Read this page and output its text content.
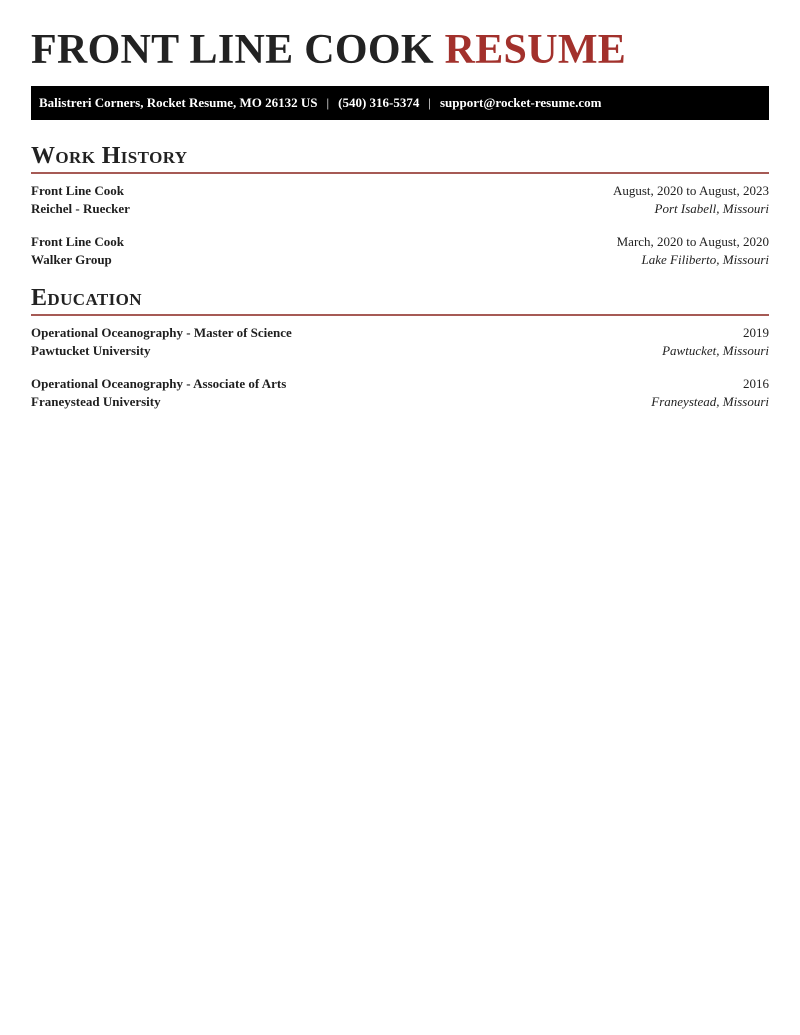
FRONT LINE COOK RESUME
Balistreri Corners, Rocket Resume, MO 26132 US | (540) 316-5374 | support@rocket-resume.com
Work History
Front Line Cook	August, 2020 to August, 2023
Reichel - Ruecker	Port Isabell, Missouri
Front Line Cook	March, 2020 to August, 2020
Walker Group	Lake Filiberto, Missouri
Education
Operational Oceanography - Master of Science	2019
Pawtucket University	Pawtucket, Missouri
Operational Oceanography - Associate of Arts	2016
Franeystead University	Franeystead, Missouri
